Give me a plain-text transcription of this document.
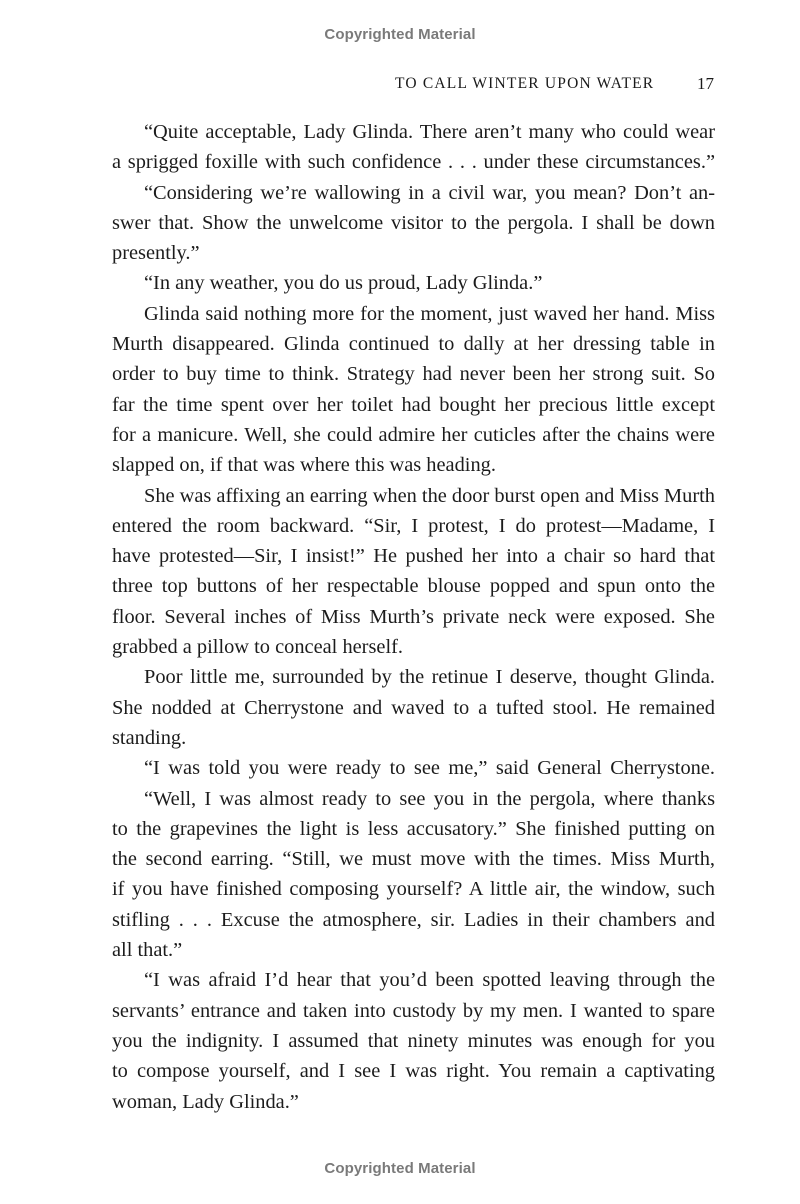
Copyrighted Material
TO CALL WINTER UPON WATER	17
“Quite acceptable, Lady Glinda. There aren’t many who could wear
a sprigged foxille with such confidence . . . under these circumstances.”
“Considering we’re wallowing in a civil war, you mean? Don’t an-
swer that. Show the unwelcome visitor to the pergola. I shall be down
presently.”
“In any weather, you do us proud, Lady Glinda.”
Glinda said nothing more for the moment, just waved her hand. Miss
Murth disappeared. Glinda continued to dally at her dressing table in
order to buy time to think. Strategy had never been her strong suit. So
far the time spent over her toilet had bought her precious little except
for a manicure. Well, she could admire her cuticles after the chains were
slapped on, if that was where this was heading.
She was affixing an earring when the door burst open and Miss Murth
entered the room backward. “Sir, I protest, I do protest—Madame, I
have protested—Sir, I insist!” He pushed her into a chair so hard that
three top buttons of her respectable blouse popped and spun onto the
floor. Several inches of Miss Murth’s private neck were exposed. She
grabbed a pillow to conceal herself.
Poor little me, surrounded by the retinue I deserve, thought Glinda.
She nodded at Cherrystone and waved to a tufted stool. He remained
standing.
“I was told you were ready to see me,” said General Cherrystone.
“Well, I was almost ready to see you in the pergola, where thanks
to the grapevines the light is less accusatory.” She finished putting on
the second earring. “Still, we must move with the times. Miss Murth,
if you have finished composing yourself? A little air, the window, such
stifling . . . Excuse the atmosphere, sir. Ladies in their chambers and
all that.”
“I was afraid I’d hear that you’d been spotted leaving through the
servants’ entrance and taken into custody by my men. I wanted to spare
you the indignity. I assumed that ninety minutes was enough for you
to compose yourself, and I see I was right. You remain a captivating
woman, Lady Glinda.”
Copyrighted Material
